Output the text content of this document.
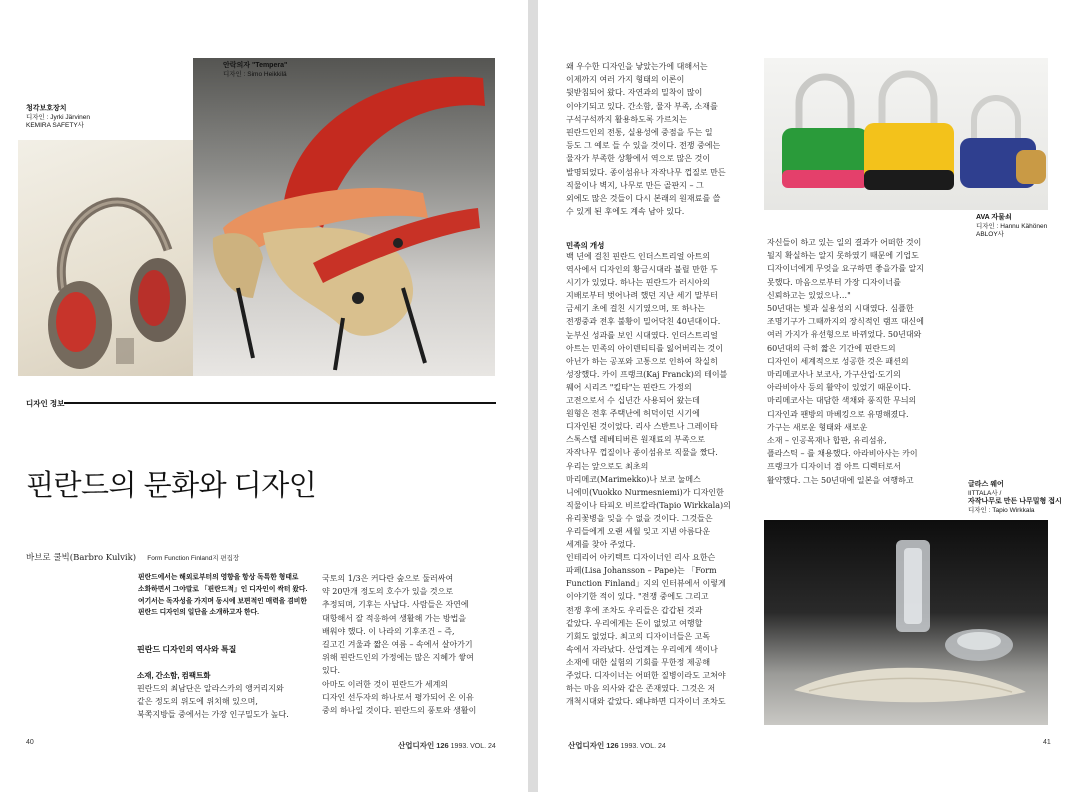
청각보호장치
디자인 : Jyrki Järvinen
KEMIRA SAFETY사
안락의자 "Tempera"
디자인 : Simo Heikkilä
디자인 정보
핀란드의 문화와 디자인
바브로 쿨빅(Barbro Kulvik) Form Function Finland지 편집장
핀란드에서는 해외로부터의 영향을 항상 독특한 형태로
소화하면서 그야말로 「핀란드적」인 디자인이 싹터 왔다.
여기서는 독자성을 가지며 동시에 보편적인 매력을 겸비한
핀란드 디자인의 일단을 소개하고자 한다.
핀란드 디자인의 역사와 특질
소재, 간소함, 컴팩트화
핀란드의 최남단은 알라스카의 앵커리지와
같은 정도의 위도에 위치해 있으며,
북쪽지방들 중에서는 가장 인구밀도가 높다.
국토의 1/3은 커다란 숲으로 둘러싸여
약 20만개 정도의 호수가 있을 것으로
추정되며, 기후는 사납다. 사람들은 자연에
대항해서 잘 적응하여 생활해 가는 방법을
배워야 했다. 이 나라의 기후조건 – 즉,
길고긴 겨울과 짧은 여름 – 속에서 살아가기
위해 핀란드인의 가정에는 많은 지혜가 쌓여
있다.
아마도 이러한 것이 핀란드가 세계의
디자인 선두자의 하나로서 평가되어 온 이유
중의 하나일 것이다. 핀란드의 풍토와 생활이
40	산업디자인 126 1993. VOL. 24
왜 우수한 디자인을 낳았는가에 대해서는
이제까지 여러 가지 형태의 이론이
뒷받침되어 왔다. 자연과의 밀착이 많이
이야기되고 있다. 간소함, 물자 부족, 소재를
구석구석까지 활용하도록 가르치는
핀란드인의 전통, 실용성에 중점을 두는 일
등도 그 예로 들 수 있을 것이다. 전쟁 중에는
물자가 부족한 상황에서 역으로 많은 것이
발명되었다. 종이섬유나 자작나무 껍질로 만든
직물이나 벽지, 나무로 만든 골판지 – 그
외에도 많은 것들이 다시 본래의 원재료를 쓸
수 있게 된 후에도 계속 남아 있다.
민족의 개성
백 년에 걸친 핀란드 인더스트리얼 아트의
역사에서 디자인의 황금시대라 불릴 만한 두
시기가 있었다. 하나는 핀란드가 러시아의
지배로부터 벗어나려 했던 지난 세기 말부터
금세기 초에 걸친 시기였으며, 또 하나는
전쟁중과 전후 불황이 밀어닥친 40년대이다.
눈부신 성과를 보인 시대였다. 인더스트리얼
아트는 민족의 아이덴티티를 잃어버리는 것이
아닌가 하는 공포와 고통으로 인하여 착실히
성장했다. 카이 프랭크(Kaj Franck)의 테이블
웨어 시리즈 "킬타"는 핀란드 가정의
고전으로서 수 십년간 사용되어 왔는데
원형은 전후 주택난에 허덕이던 시기에
디자인된 것이었다. 리사 스반트나 그레이타
스톡스텔 레베티버른 원재료의 부족으로
자작나무 껍질이나 종이섬유로 직물을 짰다.
우리는 앞으로도 최초의
마리메코(Marimekko)나 보코 눌메스
니에미(Vuokko Nurmesniemi)가 디자인한
직물이나 타피오 비르칼라(Tapio Wirkkala)의
유리꽃병을 잊을 수 없을 것이다. 그것들은
우리들에게 오랜 세월 잊고 지낸 아름다운
세계를 찾아 주었다.
인테리어 아키텍트 디자이너인 리사 요한슨
파페(Lisa Johansson – Pape)는 「Form
Function Finland」지의 인터뷰에서 이렇게
이야기한 적이 있다. "전쟁 중에도 그리고
전쟁 후에 조차도 우리들은 갑갑된 것과
같았다. 우리에게는 돈이 없었고 여행할
기회도 없었다. 최고의 디자이너들은 고독
속에서 자라났다. 산업계는 우리에게 색이나
소재에 대한 실험의 기회를 무한정 제공해
주었다. 디자이너는 어떠한 질병이라도 고쳐야
하는 마음 의사와 같은 존재였다. 그것은 저
개척시대와 같았다. 왜냐하면 디자이너 조차도
AVA 자물쇠
디자인 : Hannu Kähönen
ABLOY사
자신들이 하고 있는 일의 결과가 어떠한 것이
될지 확실하는 알지 못하였기 때문에 기업도
디자이너에게 무엇을 요구하면 좋을가를 알지
못했다. 마음으로부터 가장 디자이너를
신뢰하고는 있었으나…"
50년대는 빛과 실용성의 시대였다. 심플한
조명기구가 그때까지의 장식적인 램프 대신에
여러 가지가 유선형으로 바뀌었다. 50년대와
60년대의 극히 짧은 기간에 핀란드의
디자인이 세계적으로 성공한 것은 패션의
마리메코사나 보코사, 가구산업·도기의
아라비아사 등의 활약이 있었기 때문이다.
마리메코사는 대담한 색채와 풍직한 무늬의
디자인과 팬방의 마베킹으로 유명해졌다.
가구는 새로운 형태와 새로운
소재 – 인공목재나 합판, 유리섬유,
플라스틱 – 를 채용했다. 아라비아사는 카이
프랭크가 디자이너 겸 아트 디렉터로서
활약했다. 그는 50년대에 일본을 여행하고	글라스 웨어
IITTALA사 /
자작나무로 만든 나무밀형 접시
디자인 : Tapio Wirkkala
산업디자인 126 1993. VOL. 24
41
